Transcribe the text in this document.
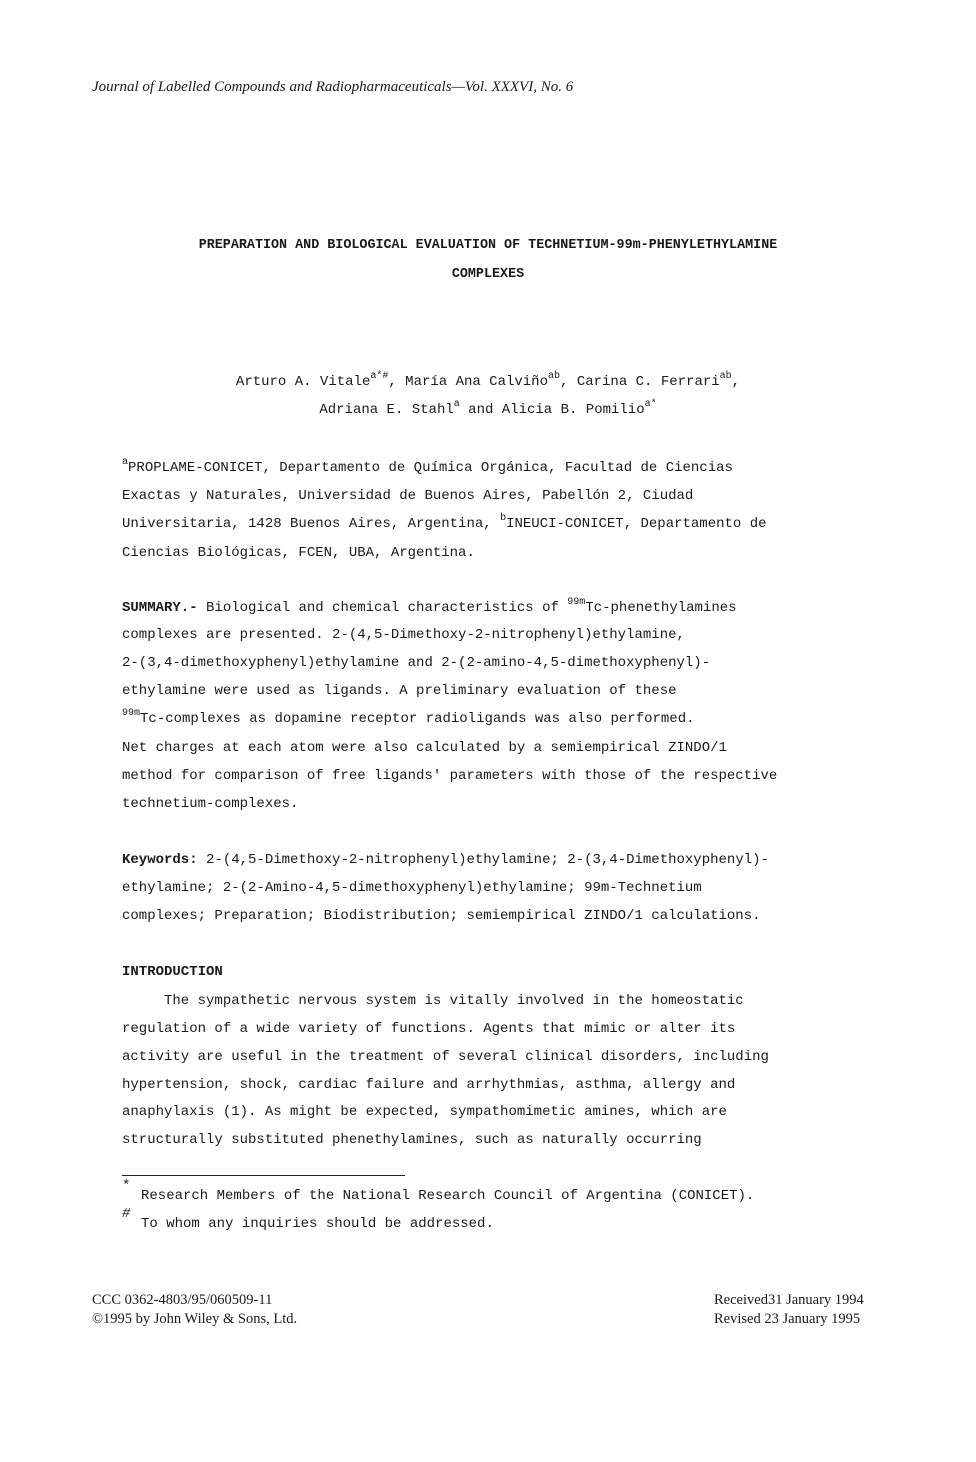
Journal of Labelled Compounds and Radiopharmaceuticals—Vol. XXXVI, No. 6
PREPARATION AND BIOLOGICAL EVALUATION OF TECHNETIUM-99m-PHENYLETHYLAMINE
COMPLEXES
Arturo A. Vitale$^{a*\#}$, María Ana Calviño$^{ab}$, Carina C. Ferrari$^{ab}$,
Adriana E. Stahl$^a$ and Alicia B. Pomilio$^{a*}$
$^a$PROPLAME-CONICET, Departamento de Química Orgánica, Facultad de Ciencias
Exactas y Naturales, Universidad de Buenos Aires, Pabellón 2, Ciudad
Universitaria, 1428 Buenos Aires, Argentina, $^b$INEUCI-CONICET, Departamento de
Ciencias Biológicas, FCEN, UBA, Argentina.
SUMMARY.- Biological and chemical characteristics of $^{99m}$Tc-phenethylamines
complexes are presented. 2-(4,5-Dimethoxy-2-nitrophenyl)ethylamine,
2-(3,4-dimethoxyphenyl)ethylamine and 2-(2-amino-4,5-dimethoxyphenyl)-
ethylamine were used as ligands. A preliminary evaluation of these
$^{99m}$Tc-complexes as dopamine receptor radioligands was also performed.
Net charges at each atom were also calculated by a semiempirical ZINDO/1
method for comparison of free ligands' parameters with those of the respective
technetium-complexes.
Keywords: 2-(4,5-Dimethoxy-2-nitrophenyl)ethylamine; 2-(3,4-Dimethoxyphenyl)-
ethylamine; 2-(2-Amino-4,5-dimethoxyphenyl)ethylamine; 99m-Technetium
complexes; Preparation; Biodistribution; semiempirical ZINDO/1 calculations.
INTRODUCTION
The sympathetic nervous system is vitally involved in the homeostatic
regulation of a wide variety of functions. Agents that mimic or alter its
activity are useful in the treatment of several clinical disorders, including
hypertension, shock, cardiac failure and arrhythmias, asthma, allergy and
anaphylaxis (1). As might be expected, sympathomimetic amines, which are
structurally substituted phenethylamines, such as naturally occurring
*
Research Members of the National Research Council of Argentina (CONICET).
#
To whom any inquiries should be addressed.
CCC 0362-4803/95/060509-11
©1995 by John Wiley & Sons, Ltd.
Received31 January 1994
Revised 23 January 1995
